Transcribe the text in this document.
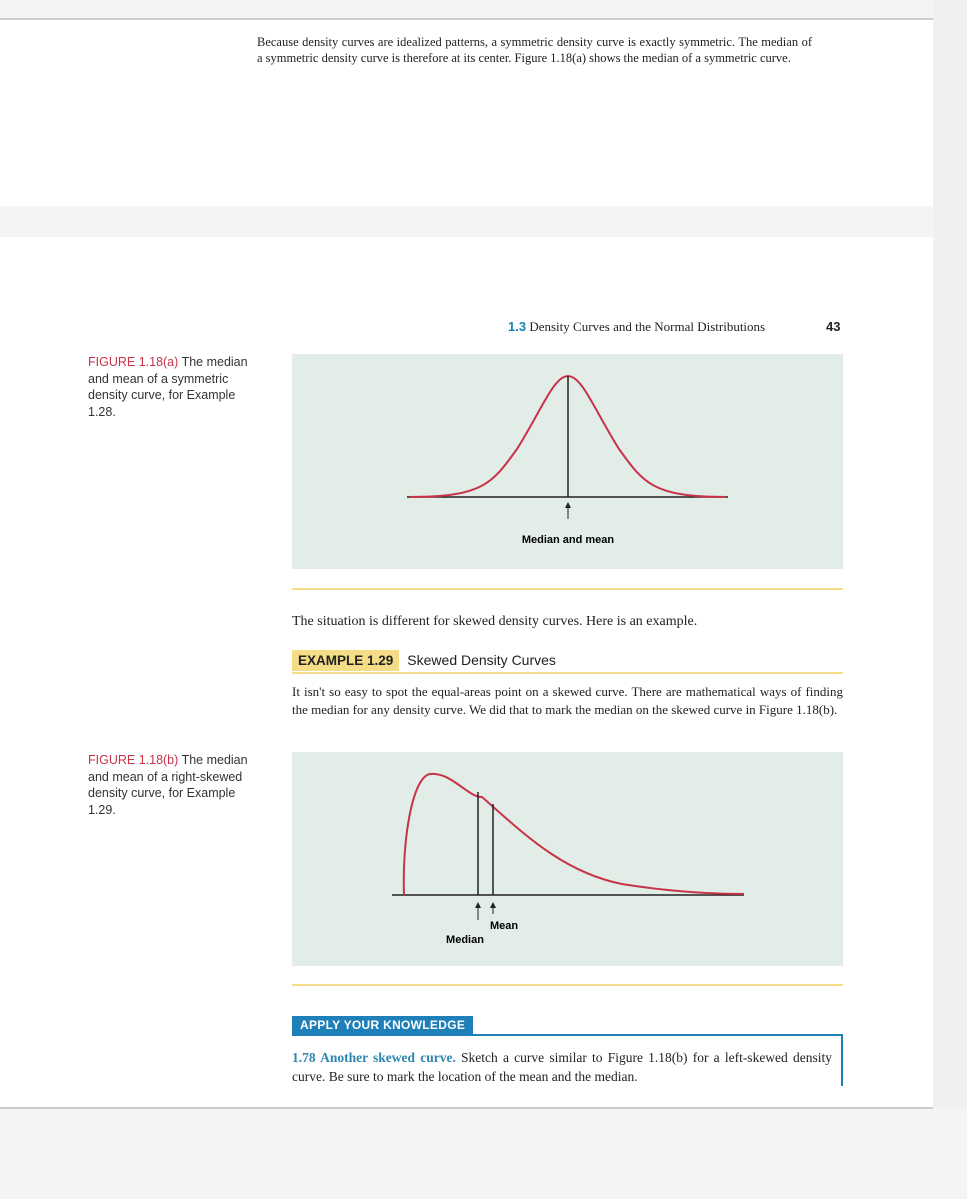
Because density curves are idealized patterns, a symmetric density curve is exactly symmetric. The median of a symmetric density curve is therefore at its center. Figure 1.18(a) shows the median of a symmetric curve.
1.3 Density Curves and the Normal Distributions	43
FIGURE 1.18(a) The median and mean of a symmetric density curve, for Example 1.28.
Median and mean
The situation is different for skewed density curves. Here is an example.
EXAMPLE 1.29 Skewed Density Curves
It isn't so easy to spot the equal-areas point on a skewed curve. There are mathematical ways of finding the median for any density curve. We did that to mark the median on the skewed curve in Figure 1.18(b).
FIGURE 1.18(b) The median and mean of a right-skewed density curve, for Example 1.29.
Median
Mean
APPLY YOUR KNOWLEDGE
1.78 Another skewed curve. Sketch a curve similar to Figure 1.18(b) for a left-skewed density curve. Be sure to mark the location of the mean and the median.
